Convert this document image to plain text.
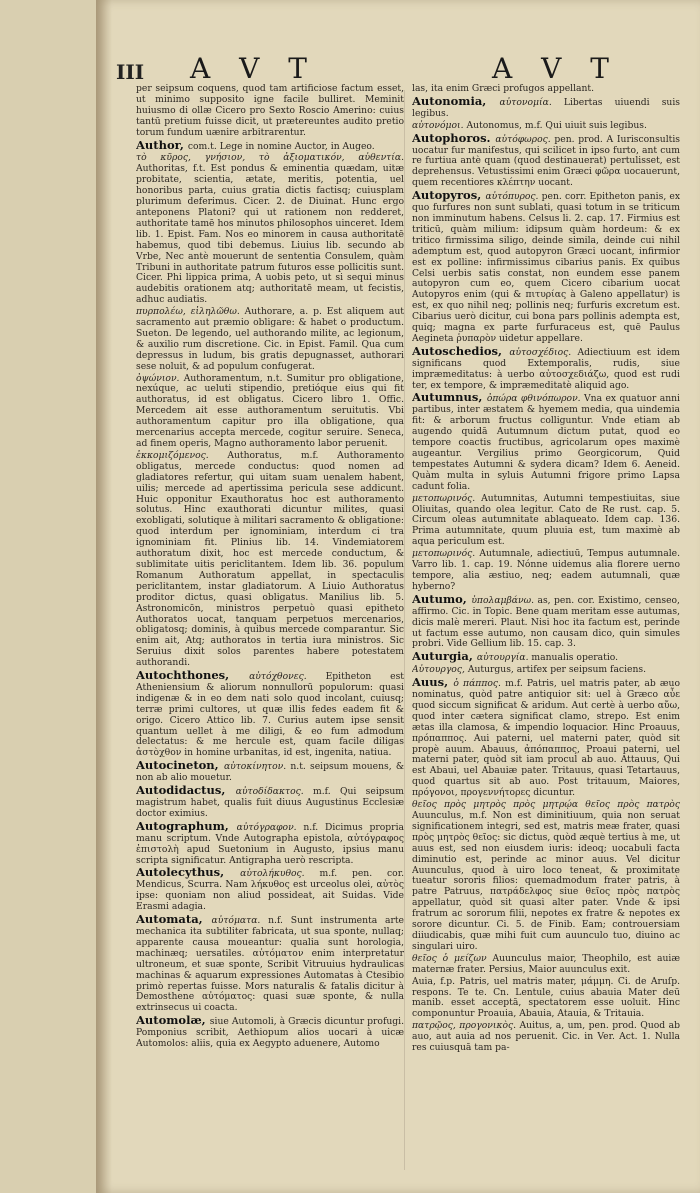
III A V T	A V T

per seipsum coquens, quod tam artificiose factum esset, ut minimo supposito igne facile bulliret. Meminit huiusmo di ollæ Cicero pro Sexto Roscio Amerino: cuius tantū pretium fuisse dicit, ut prætereuntes audito pretio torum fundum uænire arbitrarentur.

Author, com.t. Lege in nomine Auctor, in Augeo.

τὸ κῦρος, γνήσιον, τὸ ἀξιοματικόν, αὐθεντία. Authoritas, f.t. Est pondus & eminentia quædam, uitæ probitate, scientia, ætate, meritis, potentia, uel honoribus parta, cuius gratia dictis factisq; cuiusplam plurimum deferimus. Cicer. 2. de Diuinat. Hunc ergo anteponens Platoni? qui ut rationem non redderet, authoritate tamē hos minutos philosophos uinceret. Idem lib. 1. Epist. Fam. Nos eo minorem in causa authoritatē habemus, quod tibi debemus. Liuius lib. secundo ab Vrbe, Nec antè mouerunt de sententia Consulem, quàm Tribuni in authoritate patrum futuros esse pollicitis sunt. Cicer. Phi lippica prima, A uobis peto, ut si sequi minus audebitis orationem atq; authoritatē meam, ut fecistis, adhuc audiatis.

πυρπολέω, εἰληλῶθω. Authorare, a. p. Est aliquem aut sacramento aut præmio obligare: & habet o productum. Sueton. De legendo, uel authorando milite, ac legionum, & auxilio rum discretione. Cic. in Epist. Famil. Qua cum depressus in ludum, bis gratis depugnasset, authorari sese noluit, & ad populum confugerat.

ὀψώνιον. Authoramentum, n.t. Sumitur pro obligatione, nexúque, ac ueluti stipendio, pretióque eius qui fit authoratus, id est obligatus. Cicero libro 1. Offic. Mercedem ait esse authoramentum seruitutis. Vbi authoramentum capitur pro illa obligatione, qua mercenarius accepta mercede, cogitur seruire. Seneca, ad finem operis, Magno authoramento labor peruenit.

ἐκκομιζόμενος. Authoratus, m.f. Authoramento obligatus, mercede conductus: quod nomen ad gladiatores refertur, qui uitam suam uenalem habent, uilis; mercede ad apertissima pericula sese addicunt. Huic opponitur Exauthoratus hoc est authoramento solutus. Hinc exauthorati dicuntur milites, quasi exobligati, solutique à militari sacramento & obligatione: quod interdum per ignominiam, interdum ci tra ignominiam fit. Plinius lib. 14. Vindemiatorem authoratum dixit, hoc est mercede conductum, & sublimitate uitis periclitantem. Idem lib. 36. populum Romanum Authoratum appellat, in spectaculis periclitantem, instar gladiatorum. A Liuio Authoratus proditor dictus, quasi obligatus. Manilius lib. 5. Astronomicōn, ministros perpetuò quasi epitheto Authoratos uocat, tanquam perpetuos mercenarios, obligatosq; dominis, à quibus mercede comparantur. Sic enim ait, Atq; authoratos in tertia iura ministros. Sic Seruius dixit solos parentes habere potestatem authorandi.

Autochthones, αὐτόχθονες. Epitheton est Atheniensium & aliorum nonnullorū populorum: quasi indigenæ & in eo dem nati solo quod incolant, cuiusq; terræ primi cultores, ut quæ illis fedes eadem fit & origo. Cicero Attico lib. 7. Curius autem ipse sensit quantum uellet à me diligi, & eo fum admodum delectatus: & me hercule est, quam facile diligas ἀστὸχθον in homine urbanitas, id est, ingenita, natiua.

Autocineton, αὐτοκίνητον. n.t. seipsum mouens, & non ab alio mouetur.

Autodidactus, αὐτοδίδακτος. m.f. Qui seipsum magistrum habet, qualis fuit diuus Augustinus Ecclesiæ doctor eximius.

Autographum, αὐτόγραφον. n.f. Dicimus propria manu scriptum. Vnde Autographa epistola, αὐτόγραφος ἐπιστολὴ apud Suetonium in Augusto, ipsius manu scripta significatur. Antigrapha uerò rescripta.

Autolecythus, αὐτολήκυθος. m.f. pen. cor. Mendicus, Scurra. Nam λήκυθος est urceolus olei, αὐτὸς ipse: quoniam non aliud possideat, ait Suidas. Vide Erasmi adagia.

Automata, αὐτόματα. n.f. Sunt instrumenta arte mechanica ita subtiliter fabricata, ut sua sponte, nullaq; apparente causa moueantur: qualia sunt horologia, machinæq; uersatiles. αὐτόματον enim interpretatur ultroneum, et suæ sponte, Scribit Vitruuius hydraulicas machinas & aquarum expressiones Automatas à Ctesibio primò repertas fuisse. Mors naturalis & fatalis dicitur à Demosthene αὐτόματος: quasi suæ sponte, & nulla extrinsecus ui coacta.

Automolæ, siue Automoli, à Græcis dicuntur profugi. Pomponius scribit, Aethiopum alios uocari à uicæ Automolos: aliis, quia ex Aegypto aduenere, Automo

las, ita enim Græci profugos appellant.

Autonomia, αὐτονομία. Libertas uiuendi suis legibus.

αὐτονόμοι. Autonomus, m.f. Qui uiuit suis legibus.

Autophoros. αὐτόφωρος. pen. prod. A Iurisconsultis uocatur fur manifestus, qui scilicet in ipso furto, ant cum re furtiua antè quam (quod destinauerat) pertulisset, est deprehensus. Vetustissimi enim Græci φῶρα uocauerunt, quem recentiores κλέπτην uocant.

Autopyros, αὐτόπυρος. pen. corr. Epitheton panis, ex quo furfures non sunt sublati, quasi totum in se triticum non imminutum habens. Celsus li. 2. cap. 17. Firmius est triticū, quàm milium: idipsum quàm hordeum: & ex tritico firmissima siligo, deinde simila, deinde cui nihil ademptum est, quod autopyron Græci uocant, infirmior est ex polline: infirmissimus cibarius panis. Ex quibus Celsi uerbis satis constat, non eundem esse panem autopyron cum eo, quem Cicero cibarium uocat Autopyros enim (qui & πιτυρίας à Galeno appellatur) is est, ex quo nihil neq; pollinis neq; furfuris excretum est. Cibarius uerò dicitur, cui bona pars pollinis adempta est, quiq; magna ex parte furfuraceus est, quē Paulus Aegineta ῥυπαρὸν uidetur appellare.

Autoschedios, αὐτοσχέδιος. Adiectiuum est idem significans quod Extemporalis, rudis, siue impræmeditatus: à uerbo αὐτοσχεδιάζω, quod est rudi ter, ex tempore, & impræmeditatè aliquid ago.

Autumnus, ὀπώρα φθινόπωρον. Vna ex quatuor anni partibus, inter æstatem & hyemem media, qua uindemia fit: & arborum fructus colliguntur. Vnde etiam ab augendo quidā Autumnum dictum putat, quod eo tempore coactis fructibus, agricolarum opes maximè augeantur. Vergilius primo Georgicorum, Quid tempestates Autumni & sydera dicam? Idem 6. Aeneid. Quàm multa in syluis Autumni frigore primo Lapsa cadunt folia.

μετοπωρινός. Autumnitas, Autumni tempestiuitas, siue Oliuitas, quando olea legitur. Cato de Re rust. cap. 5. Circum oleas autumnitate ablaqueato. Idem cap. 136. Prima autumnitate, quum pluuia est, tum maximè ab aqua periculum est.

μετοπωρινός. Autumnale, adiectiuū, Tempus autumnale. Varro lib. 1. cap. 19. Nónne uidemus alia florere uerno tempore, alia æstiuo, neq; eadem autumnali, quæ hyberno?

Autumo, ὑπολαμβάνω. as, pen. cor. Existimo, censeo, affirmo. Cic. in Topic. Bene quam meritam esse autumas, dicis malè mereri. Plaut. Nisi hoc ita factum est, perinde ut factum esse autumo, non causam dico, quin simules probri. Vide Gellium lib. 15. cap. 3.

Auturgia, αὐτουργία. manualis operatio.

Αὐτουργος, Auturgus, artifex per seipsum faciens.

Auus, ὁ πάππος. m.f. Patris, uel matris pater, ab æuo nominatus, quòd patre antiquior sit: uel à Græco αὖε quod siccum significat & aridum. Aut certè à uerbo αὔω, quod inter cætera significat clamo, strepo. Est enim ætas illa clamosa, & impendio loquacior. Hinc Proauus, πρόπαππος. Aui paterni, uel materni pater, quòd sit propè auum. Abauus, ἀπόπαππος, Proaui paterni, uel materni pater, quòd sit iam procul ab auo. Attauus, Qui est Abaui, uel Abauiæ pater. Tritauus, quasi Tetartauus, quod quartus sit ab auo. Post tritauum, Maiores, πρόγονοι, προγεννήτορες dicuntur.

θεῖος πρὸς μητρὸς πρὸς μητρῴα θεῖος πρὸς πατρὸς Auunculus, m.f. Non est diminitiuum, quia non seruat significationem integri, sed est, matris meæ frater, quasi πρὸς μητρὸς θεῖος: sic dictus, quòd æquè tertius à me, ut auus est, sed non eiusdem iuris: ideoq; uocabuli facta diminutio est, perinde ac minor auus. Vel dicitur Auunculus, quod à uiro loco teneat, & proximitate tueatur sororis filios: quemadmodum frater patris, à patre Patruus, πατράδελφος siue θεῖος πρὸς πατρὸς appellatur, quòd sit quasi alter pater. Vnde & ipsi fratrum ac sororum filii, nepotes ex fratre & nepotes ex sorore dicuntur. Ci. 5. de Finib. Eam; controuersiam diiudicabis, quæ mihi fuit cum auunculo tuo, diuino ac singulari uiro.

θεῖος ὁ μείζων Auunculus maior, Theophilo, est auiæ maternæ frater. Persius, Maior auunculus exit.

Auia, f.p. Patris, uel matris mater, μάμμη. Ci. de Aruſp. respons. Te te. Cn. Lentule, cuius abauia Mater deū manib. esset acceptā, spectatorem esse uoluit. Hinc componuntur Proauia, Abauia, Atauia, & Tritauia.

πατρῷος, προγονικὸς. Auitus, a, um, pen. prod. Quod ab auo, aut auia ad nos peruenit. Cic. in Ver. Act. 1. Nulla res cuiusquā tam pa-
